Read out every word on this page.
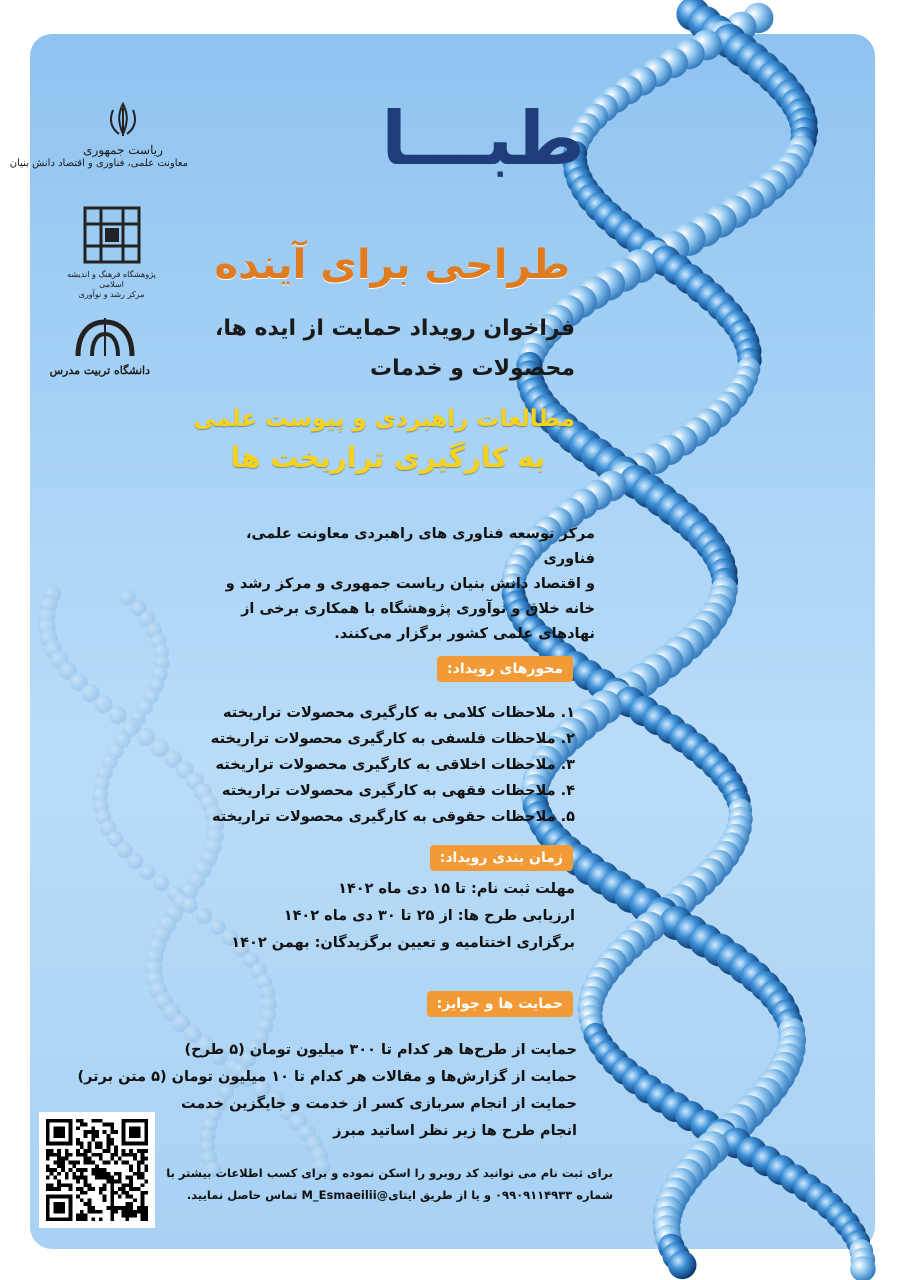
ریاست جمهوری
معاونت علمی، فناوری و اقتصاد دانش بنیان
پژوهشگاه فرهنگ و اندیشه اسلامی
مرکز رشد و نوآوری
دانشگاه تربیت مدرس
طبـــا
طراحی برای آینده
فراخوان رویداد حمایت از ایده ها،
محصولات و خدمات
مطالعات راهبردی و پیوست علمی
به کارگیری تراریخت ها
مرکز توسعه فناوری های راهبردی معاونت علمی، فناوری
و اقتصاد دانش بنیان ریاست جمهوری و مرکز رشد و
خانه خلاق و نوآوری پژوهشگاه با همکاری برخی از
نهادهای علمی کشور برگزار می‌کنند.
محورهای رویداد:
۱. ملاحظات کلامی به کارگیری محصولات تراریخته
۲. ملاحظات فلسفی به کارگیری محصولات تراریخته
۳. ملاحظات اخلاقی به کارگیری محصولات تراریخته
۴. ملاحظات فقهی به کارگیری محصولات تراریخته
۵. ملاحظات حقوقی به کارگیری محصولات تراریخته
زمان بندی رویداد:
مهلت ثبت نام: تا ۱۵ دی ماه ۱۴۰۲
ارزیابی طرح ها: از ۲۵ تا ۳۰ دی ماه ۱۴۰۲
برگزاری اختتامیه و تعیین برگزیدگان: بهمن ۱۴۰۲
حمایت ها و جوایز:
حمایت از طرح‌ها هر کدام تا ۳۰۰ میلیون تومان (۵ طرح)
حمایت از گزارش‌ها و مقالات هر کدام تا ۱۰ میلیون تومان (۵ متن برتر)
حمایت از انجام سربازی کسر از خدمت و جایگزین خدمت
انجام طرح ها زیر نظر اساتید مبرز
برای ثبت نام می توانید کد روبرو را اسکن نموده و برای کسب اطلاعات بیشتر با
شماره ۰۹۹۰۹۱۱۴۹۳۳ و یا از طریق ایتای@M_Esmaeilii تماس حاصل نمایید.
